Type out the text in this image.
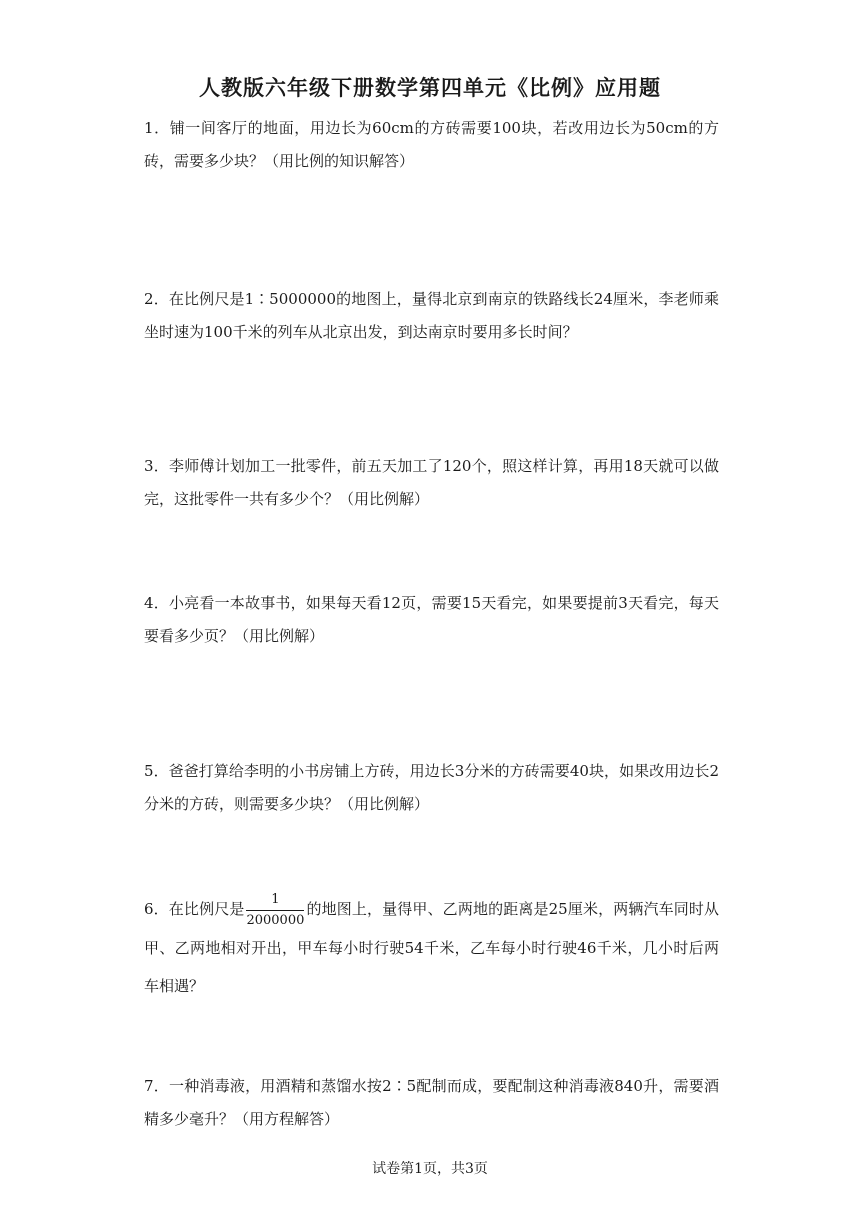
人教版六年级下册数学第四单元《比例》应用题
1．铺一间客厅的地面，用边长为60cm的方砖需要100块，若改用边长为50cm的方砖，需要多少块？（用比例的知识解答）
2．在比例尺是1∶5000000的地图上，量得北京到南京的铁路线长24厘米，李老师乘坐时速为100千米的列车从北京出发，到达南京时要用多长时间？
3．李师傅计划加工一批零件，前五天加工了120个，照这样计算，再用18天就可以做完，这批零件一共有多少个？（用比例解）
4．小亮看一本故事书，如果每天看12页，需要15天看完，如果要提前3天看完，每天要看多少页？（用比例解）
5．爸爸打算给李明的小书房铺上方砖，用边长3分米的方砖需要40块，如果改用边长2分米的方砖，则需要多少块？（用比例解）
6．在比例尺是 $\frac{1}{2000000}$ 的地图上，量得甲、乙两地的距离是25厘米，两辆汽车同时从甲、乙两地相对开出，甲车每小时行驶54千米，乙车每小时行驶46千米，几小时后两车相遇？
7．一种消毒液，用酒精和蒸馏水按2∶5配制而成，要配制这种消毒液840升，需要酒精多少毫升？（用方程解答）
试卷第1页，共3页
